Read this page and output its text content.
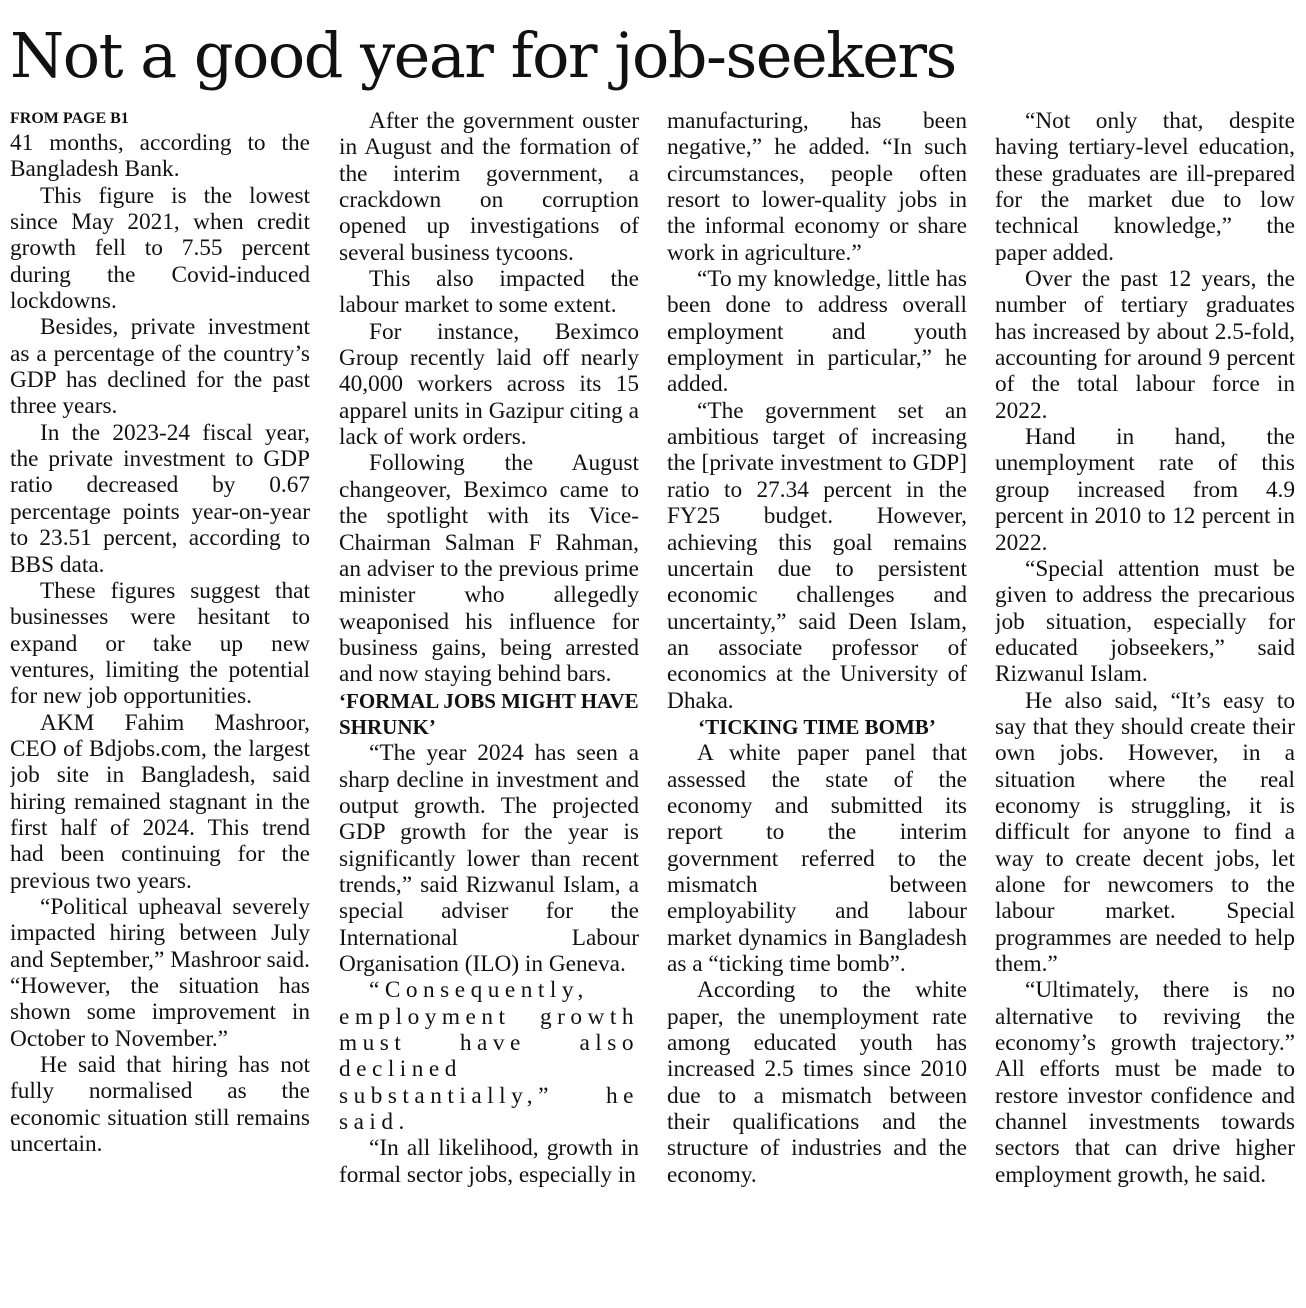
Not a good year for job-seekers
FROM PAGE B1

41 months, according to the Bangladesh Bank.

This figure is the lowest since May 2021, when credit growth fell to 7.55 percent during the Covid-induced lockdowns.

Besides, private investment as a percentage of the country’s GDP has declined for the past three years.

In the 2023-24 fiscal year, the private investment to GDP ratio decreased by 0.67 percentage points year-on-year to 23.51 percent, according to BBS data.

These figures suggest that businesses were hesitant to expand or take up new ventures, limiting the potential for new job opportunities.

AKM Fahim Mashroor, CEO of Bdjobs.com, the largest job site in Bangladesh, said hiring remained stagnant in the first half of 2024. This trend had been continuing for the previous two years.

“Political upheaval severely impacted hiring between July and September,” Mashroor said. “However, the situation has shown some improvement in October to November.”

He said that hiring has not fully normalised as the economic situation still remains uncertain.

After the government ouster in August and the formation of the interim government, a crackdown on corruption opened up investigations of several business tycoons.

This also impacted the labour market to some extent.

For instance, Beximco Group recently laid off nearly 40,000 workers across its 15 apparel units in Gazipur citing a lack of work orders.

Following the August changeover, Beximco came to the spotlight with its Vice-Chairman Salman F Rahman, an adviser to the previous prime minister who allegedly weaponised his influence for business gains, being arrested and now staying behind bars.

‘FORMAL JOBS MIGHT HAVE SHRUNK’

“The year 2024 has seen a sharp decline in investment and output growth. The projected GDP growth for the year is significantly lower than recent trends,” said Rizwanul Islam, a special adviser for the International Labour Organisation (ILO) in Geneva.

“Consequently, employment growth must have also declined substantially,” he said.

“In all likelihood, growth in formal sector jobs, especially in

manufacturing, has been negative,” he added. “In such circumstances, people often resort to lower-quality jobs in the informal economy or share work in agriculture.”

“To my knowledge, little has been done to address overall employment and youth employment in particular,” he added.

“The government set an ambitious target of increasing the [private investment to GDP] ratio to 27.34 percent in the FY25 budget. However, achieving this goal remains uncertain due to persistent economic challenges and uncertainty,” said Deen Islam, an associate professor of economics at the University of Dhaka.

‘TICKING TIME BOMB’

A white paper panel that assessed the state of the economy and submitted its report to the interim government referred to the mismatch between employability and labour market dynamics in Bangladesh as a “ticking time bomb”.

According to the white paper, the unemployment rate among educated youth has increased 2.5 times since 2010 due to a mismatch between their qualifications and the structure of industries and the economy.

“Not only that, despite having tertiary-level education, these graduates are ill-prepared for the market due to low technical knowledge,” the paper added.

Over the past 12 years, the number of tertiary graduates has increased by about 2.5-fold, accounting for around 9 percent of the total labour force in 2022.

Hand in hand, the unemployment rate of this group increased from 4.9 percent in 2010 to 12 percent in 2022.

“Special attention must be given to address the precarious job situation, especially for educated jobseekers,” said Rizwanul Islam.

He also said, “It’s easy to say that they should create their own jobs. However, in a situation where the real economy is struggling, it is difficult for anyone to find a way to create decent jobs, let alone for newcomers to the labour market. Special programmes are needed to help them.”

“Ultimately, there is no alternative to reviving the economy’s growth trajectory.” All efforts must be made to restore investor confidence and channel investments towards sectors that can drive higher employment growth, he said.
